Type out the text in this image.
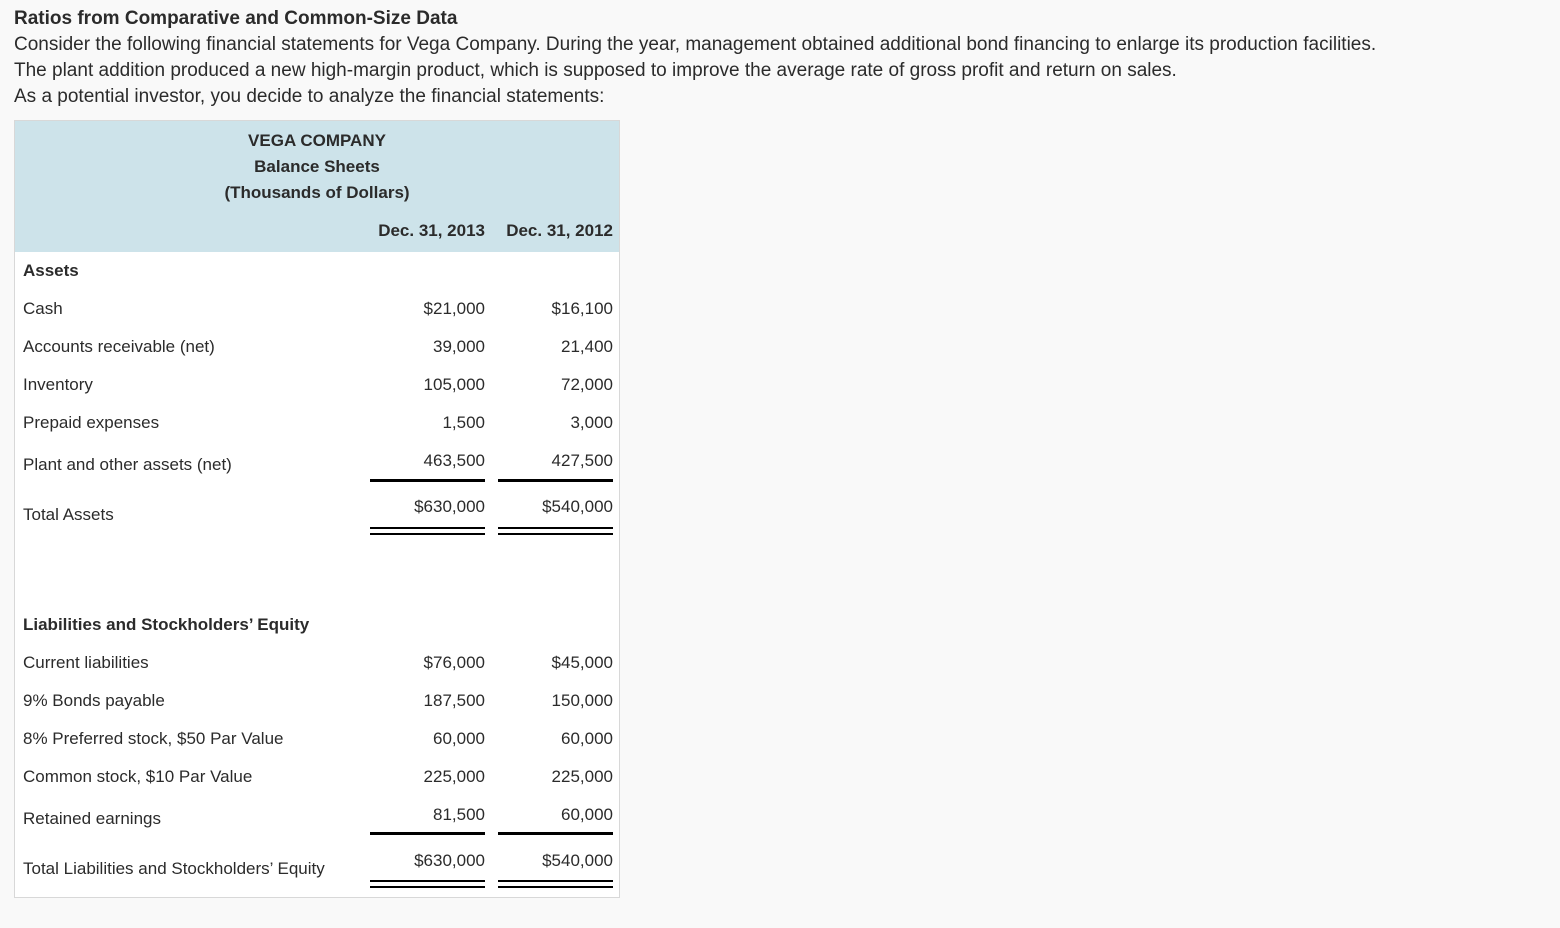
Ratios from Comparative and Common-Size Data
Consider the following financial statements for Vega Company. During the year, management obtained additional bond financing to enlarge its production facilities.
The plant addition produced a new high-margin product, which is supposed to improve the average rate of gross profit and return on sales.
As a potential investor, you decide to analyze the financial statements:
VEGA COMPANY
Balance Sheets
(Thousands of Dollars)
Dec. 31, 2013 Dec. 31, 2012
Assets
Cash	$21,000	$16,100
Accounts receivable (net)	39,000	21,400
Inventory	105,000	72,000
Prepaid expenses	1,500	3,000
Plant and other assets (net)	463,500	427,500
Total Assets	$630,000	$540,000
Liabilities and Stockholders’ Equity
Current liabilities	$76,000	$45,000
9% Bonds payable	187,500	150,000
8% Preferred stock, $50 Par Value	60,000	60,000
Common stock, $10 Par Value	225,000	225,000
Retained earnings	81,500	60,000
Total Liabilities and Stockholders’ Equity	$630,000	$540,000
